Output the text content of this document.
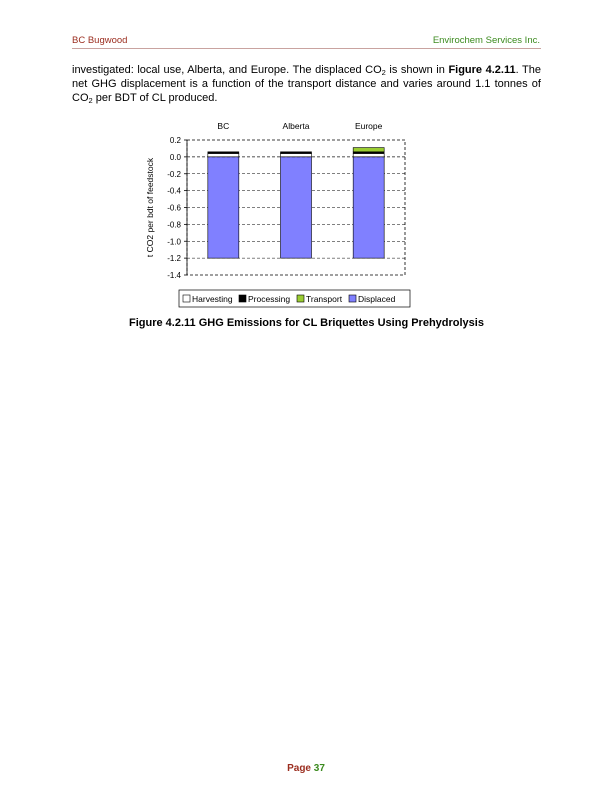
BC Bugwood	Envirochem Services Inc.
investigated: local use, Alberta, and Europe. The displaced $CO_2$ is shown in Figure 4.2.11. The net GHG displacement is a function of the transport distance and varies around 1.1 tonnes of $CO_2$ per BDT of CL produced.
0.2
0.0
-0.2
-0.4
-0.6
-0.8
-1.0
-1.2
-1.4
BC	Alberta	Europe
t CO2 per bdt of feedstock
Harvesting Processing Transport Displaced
Figure 4.2.11 GHG Emissions for CL Briquettes Using Prehydrolysis
Page 37
